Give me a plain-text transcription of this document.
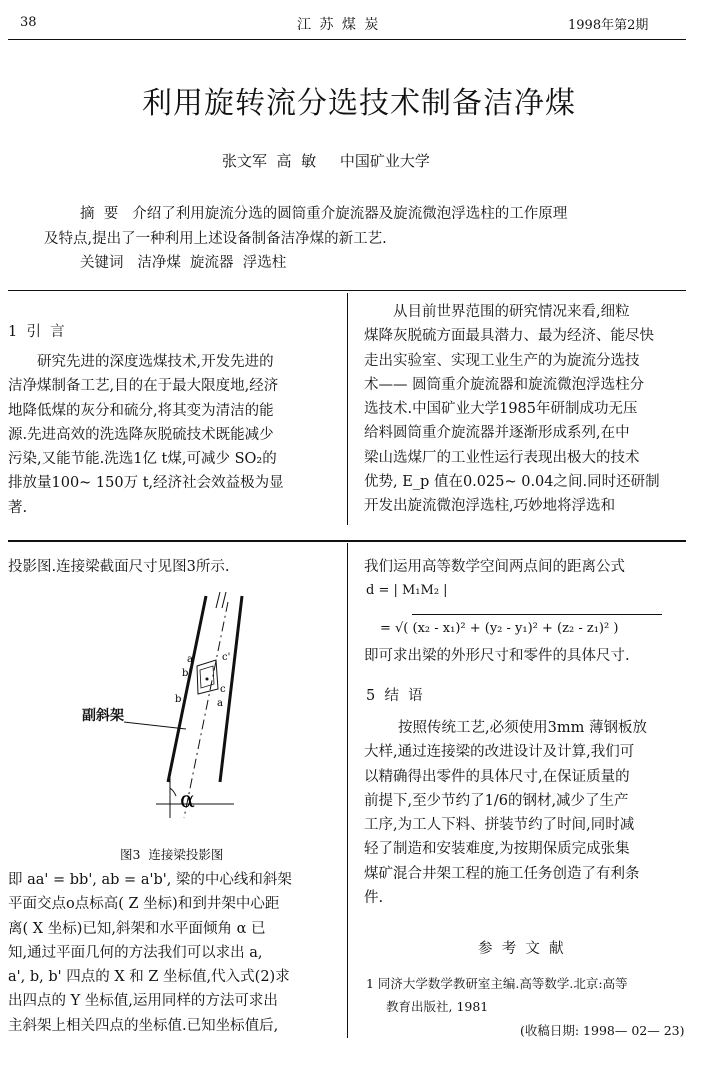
38	江 苏 煤 炭	1998年第2期
利用旋转流分选技术制备洁净煤
张文军  高  敏     中国矿业大学
摘  要 介绍了利用旋流分选的圆筒重介旋流器及旋流微泡浮选柱的工作原理
及特点,提出了一种利用上述设备制备洁净煤的新工艺.
关键词 洁净煤  旋流器  浮选柱
1  引  言

研究先进的深度选煤技术,开发先进的

洁净煤制备工艺,目的在于最大限度地,经济

地降低煤的灰分和硫分,将其变为清洁的能

源.先进高效的洗选降灰脱硫技术既能减少

污染,又能节能.洗选1亿 t煤,可减少 SO₂的

排放量100~ 150万 t,经济社会效益极为显

著.

从目前世界范围的研究情况来看,细粒

煤降灰脱硫方面最具潜力、最为经济、能尽快

走出实验室、实现工业生产的为旋流分选技

术—— 圆筒重介旋流器和旋流微泡浮选柱分

选技术.中国矿业大学1985年研制成功无压

给料圆筒重介旋流器并逐渐形成系列,在中

梁山选煤厂的工业性运行表现出极大的技术

优势, E_p 值在0.025~ 0.04之间.同时还研制

开发出旋流微泡浮选柱,巧妙地将浮选和

投影图.连接梁截面尺寸见图3所示.
a'
b'
c'
a
b
c
α
副斜架
图3  连接梁投影图

即 aa' = bb', ab = a'b', 梁的中心线和斜架

平面交点o点标高( Z 坐标)和到井架中心距

离( X 坐标)已知,斜架和水平面倾角 α 已

知,通过平面几何的方法我们可以求出 a,

a', b, b' 四点的 X 和 Z 坐标值,代入式(2)求

出四点的 Y 坐标值,运用同样的方法可求出

主斜架上相关四点的坐标值.已知坐标值后,

我们运用高等数学空间两点间的距离公式
d = | M₁M₂ |
= √( (x₂ - x₁)² + (y₂ - y₁)² + (z₂ - z₁)² )
即可求出梁的外形尺寸和零件的具体尺寸.
5  结  语

按照传统工艺,必须使用3mm 薄钢板放

大样,通过连接梁的改进设计及计算,我们可

以精确得出零件的具体尺寸,在保证质量的

前提下,至少节约了1/6的钢材,减少了生产

工序,为工人下料、拼装节约了时间,同时减

轻了制造和安装难度,为按期保质完成张集

煤矿混合井架工程的施工任务创造了有利条

件.

参  考  文  献
1 同济大学数学教研室主编.高等数学.北京:高等
教育出版社, 1981
(收稿日期: 1998— 02— 23)
